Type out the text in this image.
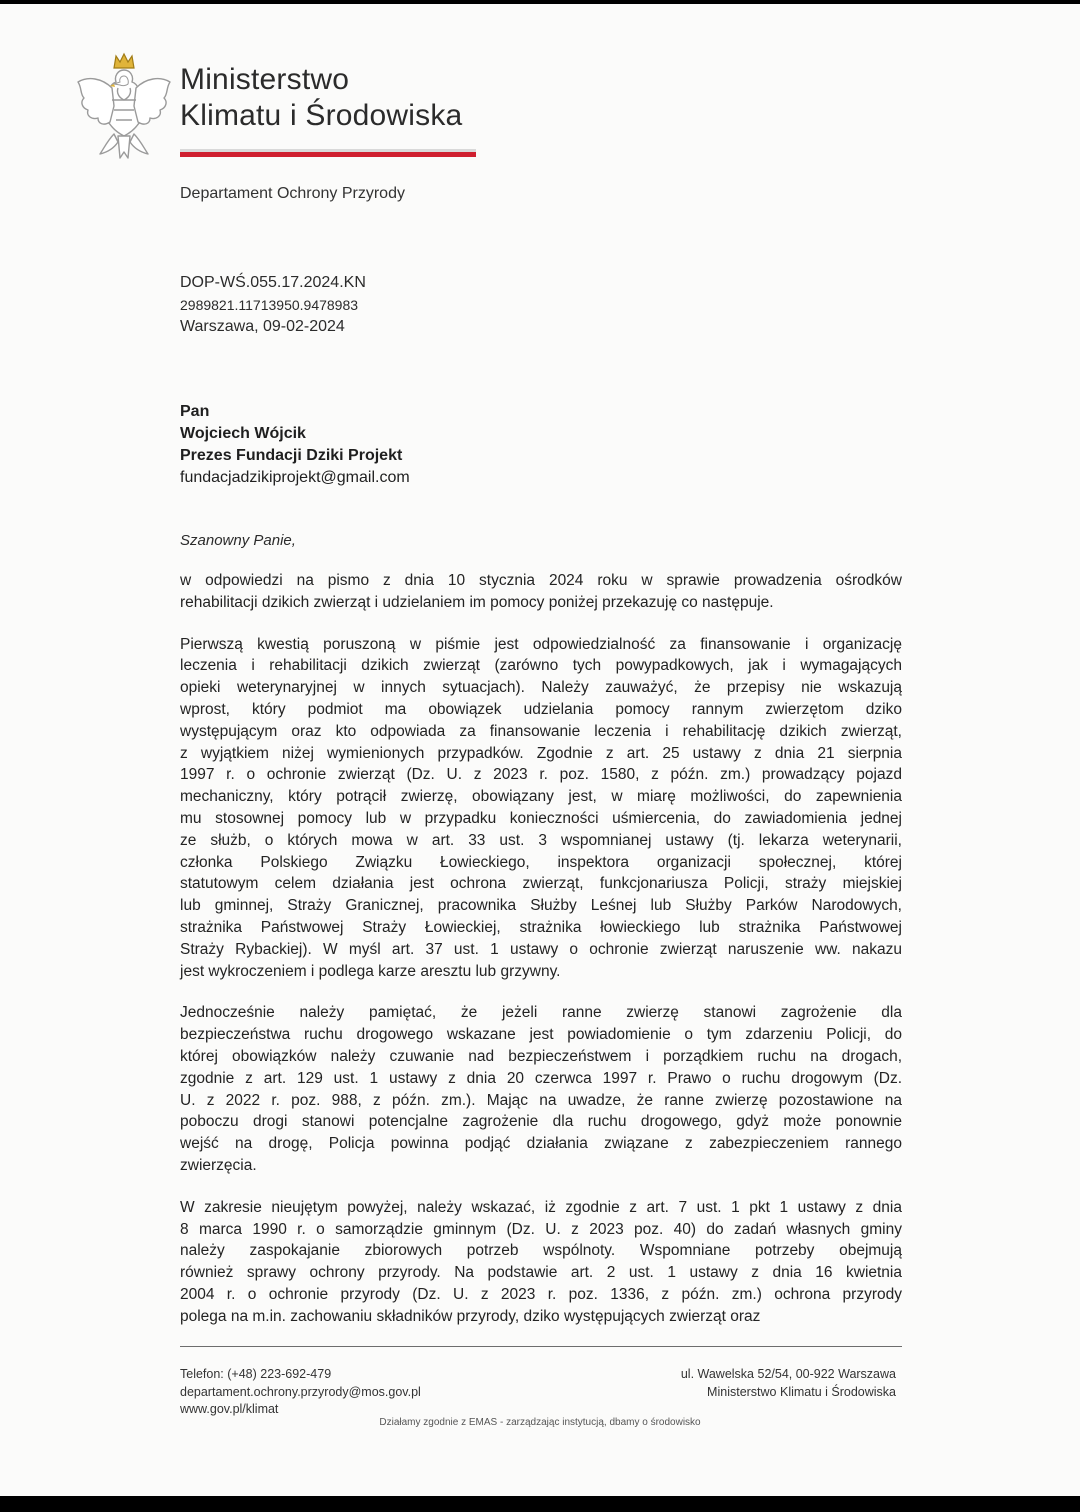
Ministerstwo
Klimatu i Środowiska
Departament Ochrony Przyrody
DOP-WŚ.055.17.2024.KN
2989821.11713950.9478983
Warszawa, 09-02-2024
Pan
Wojciech Wójcik
Prezes Fundacji Dziki Projekt
fundacjadzikiprojekt@gmail.com
Szanowny Panie,
w odpowiedzi na pismo z dnia 10 stycznia 2024 roku w sprawie prowadzenia ośrodków
rehabilitacji dzikich zwierząt i udzielaniem im pomocy poniżej przekazuję co następuje.
Pierwszą kwestią poruszoną w piśmie jest odpowiedzialność za finansowanie i organizację
leczenia i rehabilitacji dzikich zwierząt (zarówno tych powypadkowych, jak i wymagających
opieki weterynaryjnej w innych sytuacjach). Należy zauważyć, że przepisy nie wskazują
wprost, który podmiot ma obowiązek udzielania pomocy rannym zwierzętom dziko
występującym oraz kto odpowiada za finansowanie leczenia i rehabilitację dzikich zwierząt,
z wyjątkiem niżej wymienionych przypadków. Zgodnie z art. 25 ustawy z dnia 21 sierpnia
1997 r. o ochronie zwierząt (Dz. U. z 2023 r. poz. 1580, z późn. zm.) prowadzący pojazd
mechaniczny, który potrącił zwierzę, obowiązany jest, w miarę możliwości, do zapewnienia
mu stosownej pomocy lub w przypadku konieczności uśmiercenia, do zawiadomienia jednej
ze służb, o których mowa w art. 33 ust. 3 wspomnianej ustawy (tj. lekarza weterynarii,
członka Polskiego Związku Łowieckiego, inspektora organizacji społecznej, której
statutowym celem działania jest ochrona zwierząt, funkcjonariusza Policji, straży miejskiej
lub gminnej, Straży Granicznej, pracownika Służby Leśnej lub Służby Parków Narodowych,
strażnika Państwowej Straży Łowieckiej, strażnika łowieckiego lub strażnika Państwowej
Straży Rybackiej). W myśl art. 37 ust. 1 ustawy o ochronie zwierząt naruszenie ww. nakazu
jest wykroczeniem i podlega karze aresztu lub grzywny.
Jednocześnie należy pamiętać, że jeżeli ranne zwierzę stanowi zagrożenie dla
bezpieczeństwa ruchu drogowego wskazane jest powiadomienie o tym zdarzeniu Policji, do
której obowiązków należy czuwanie nad bezpieczeństwem i porządkiem ruchu na drogach,
zgodnie z art. 129 ust. 1 ustawy z dnia 20 czerwca 1997 r. Prawo o ruchu drogowym (Dz.
U. z 2022 r. poz. 988, z późn. zm.). Mając na uwadze, że ranne zwierzę pozostawione na
poboczu drogi stanowi potencjalne zagrożenie dla ruchu drogowego, gdyż może ponownie
wejść na drogę, Policja powinna podjąć działania związane z zabezpieczeniem rannego
zwierzęcia.
W zakresie nieujętym powyżej, należy wskazać, iż zgodnie z art. 7 ust. 1 pkt 1 ustawy z dnia
8 marca 1990 r. o samorządzie gminnym (Dz. U. z 2023 poz. 40) do zadań własnych gminy
należy zaspokajanie zbiorowych potrzeb wspólnoty. Wspomniane potrzeby obejmują
również sprawy ochrony przyrody. Na podstawie art. 2 ust. 1 ustawy z dnia 16 kwietnia
2004 r. o ochronie przyrody (Dz. U. z 2023 r. poz. 1336, z późn. zm.) ochrona przyrody
polega na m.in. zachowaniu składników przyrody, dziko występujących zwierząt oraz
Telefon: (+48) 223-692-479
departament.ochrony.przyrody@mos.gov.pl
www.gov.pl/klimat
ul. Wawelska 52/54, 00-922 Warszawa
Ministerstwo Klimatu i Środowiska
Działamy zgodnie z EMAS - zarządzając instytucją, dbamy o środowisko
